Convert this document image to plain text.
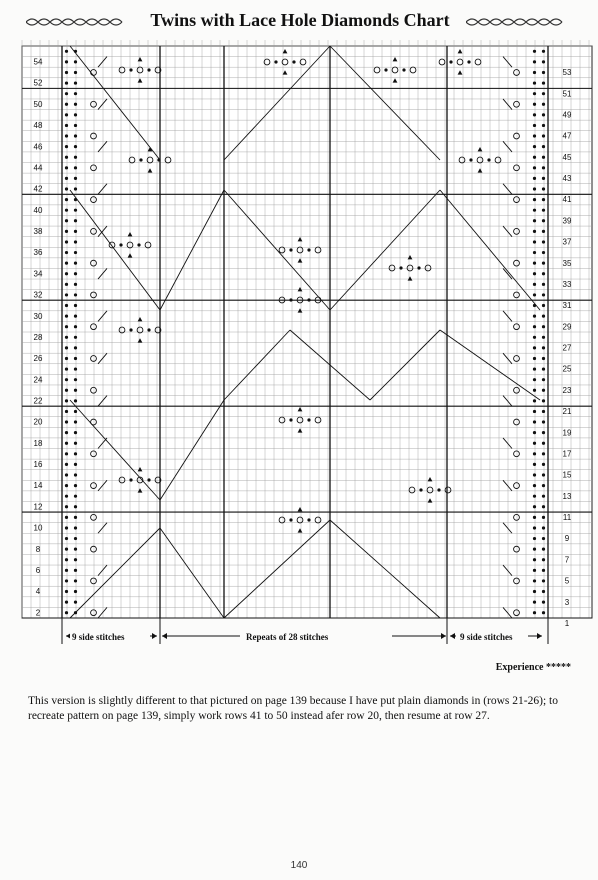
Twins with Lace Hole Diamonds Chart
54
52
50
48
46
44
42
40
38
36
34
32
30
28
26
24
22
20
18
16
14
12
10
8
6
4
2
53
51
49
47
45
43
41
39
37
35
33
31
29
27
25
23
21
19
17
15
13
11
9
7
5
3
1
9 side stitches	Repeats of 28 stitches	9 side stitches
Experience *****
This version is slightly different to that pictured on page 139 because I have put plain diamonds in (rows 21-26); to recreate pattern on page 139, simply work rows 41 to 50 instead afer row 20, then resume at row 27.
140
